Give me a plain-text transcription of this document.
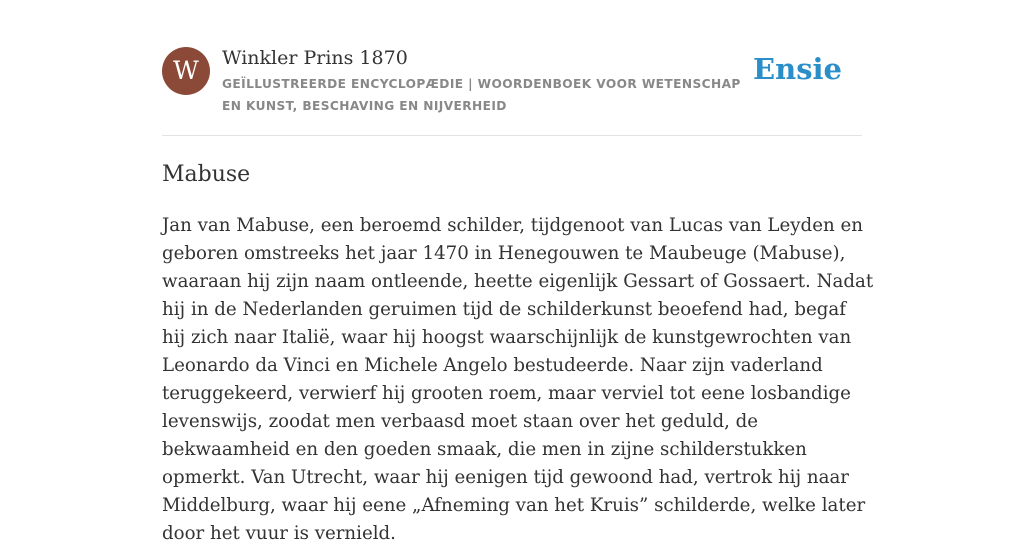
W	Winkler Prins 1870
GEÏLLUSTREERDE ENCYCLOPÆDIE | WOORDENBOEK VOOR WETENSCHAP EN KUNST, BESCHAVING EN NIJVERHEID
Ensie
Mabuse

Jan van Mabuse, een beroemd schilder, tijdgenoot van Lucas van Leyden en geboren omstreeks het jaar 1470 in Henegouwen te Maubeuge (Mabuse), waaraan hij zijn naam ontleende, heette eigenlijk Gessart of Gossaert. Nadat hij in de Nederlanden geruimen tijd de schilderkunst beoefend had, begaf hij zich naar Italië, waar hij hoogst waarschijnlijk de kunstgewrochten van Leonardo da Vinci en Michele Angelo bestudeerde. Naar zijn vaderland teruggekeerd, verwierf hij grooten roem, maar verviel tot eene losbandige levenswijs, zoodat men verbaasd moet staan over het geduld, de bekwaamheid en den goeden smaak, die men in zijne schilderstukken opmerkt. Van Utrecht, waar hij eenigen tijd gewoond had, vertrok hij naar Middelburg, waar hij eene „Afneming van het Kruis” schilderde, welke later door het vuur is vernield.
